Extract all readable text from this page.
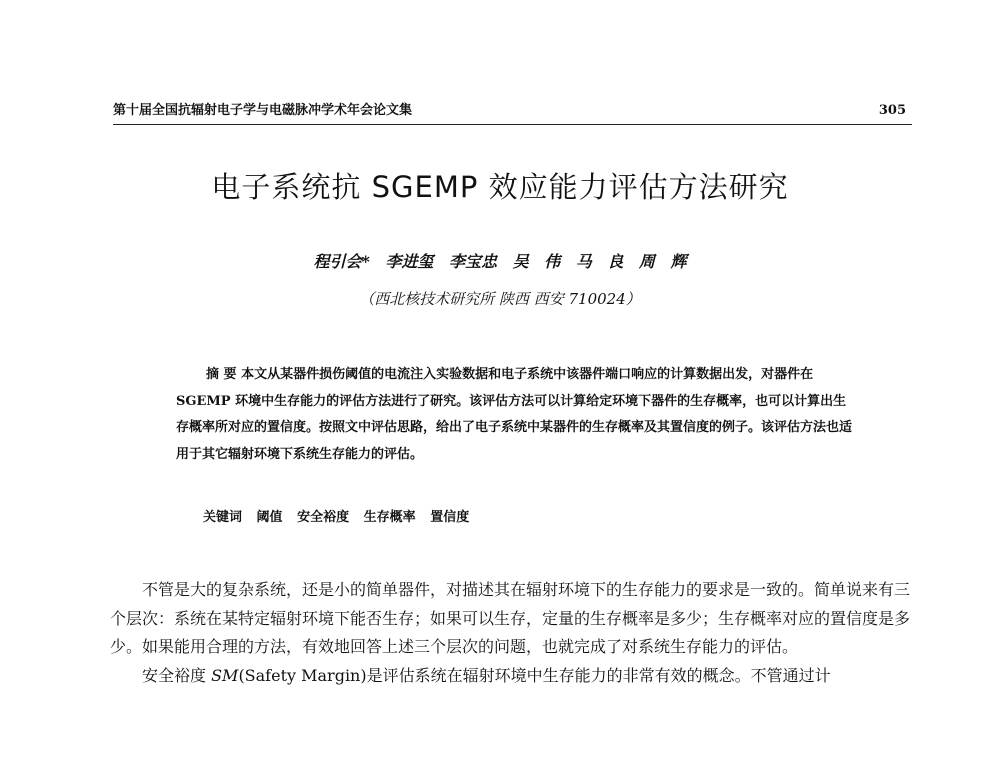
第十届全国抗辐射电子学与电磁脉冲学术年会论文集	305
电子系统抗 SGEMP 效应能力评估方法研究
程引会* 李进玺 李宝忠 吴 伟 马 良 周 辉
（西北核技术研究所 陕西 西安 710024）
摘 要 本文从某器件损伤阈值的电流注入实验数据和电子系统中该器件端口响应的计算数据出发，对器件在 SGEMP 环境中生存能力的评估方法进行了研究。该评估方法可以计算给定环境下器件的生存概率，也可以计算出生存概率所对应的置信度。按照文中评估思路，给出了电子系统中某器件的生存概率及其置信度的例子。该评估方法也适用于其它辐射环境下系统生存能力的评估。
关键词 阈值 安全裕度 生存概率 置信度

不管是大的复杂系统，还是小的简单器件，对描述其在辐射环境下的生存能力的要求是一致的。简单说来有三个层次：系统在某特定辐射环境下能否生存；如果可以生存，定量的生存概率是多少；生存概率对应的置信度是多少。如果能用合理的方法，有效地回答上述三个层次的问题，也就完成了对系统生存能力的评估。

安全裕度 SM(Safety Margin)是评估系统在辐射环境中生存能力的非常有效的概念。不管通过计
